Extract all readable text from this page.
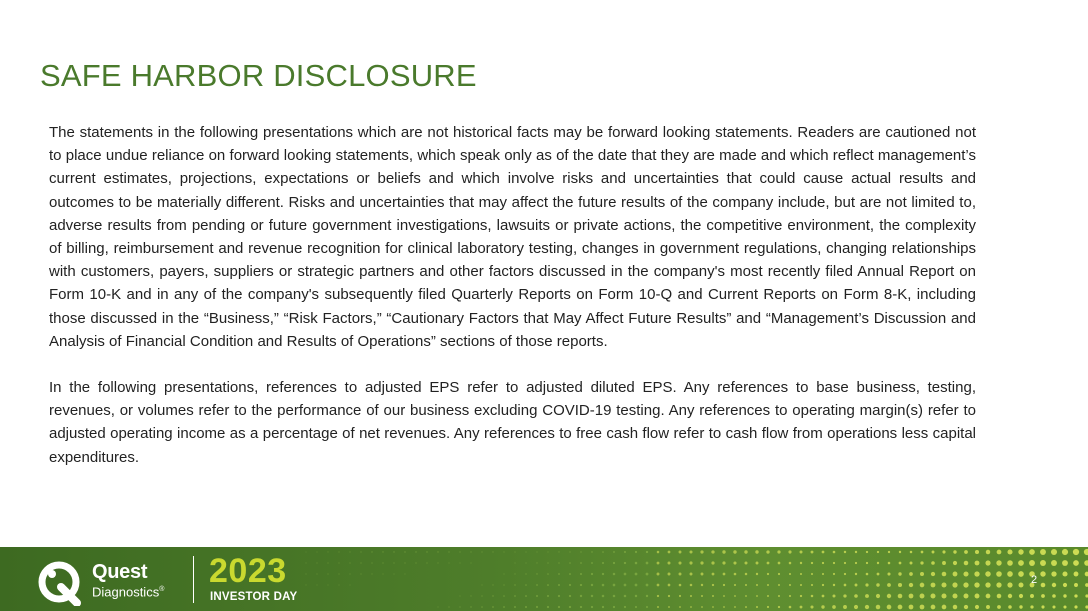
SAFE HARBOR DISCLOSURE

The statements in the following presentations which are not historical facts may be forward looking statements. Readers are cautioned not to place undue reliance on forward looking statements, which speak only as of the date that they are made and which reflect management’s current estimates, projections, expectations or beliefs and which involve risks and uncertainties that could cause actual results and outcomes to be materially different. Risks and uncertainties that may affect the future results of the company include, but are not limited to, adverse results from pending or future government investigations, lawsuits or private actions, the competitive environment, the complexity of billing, reimbursement and revenue recognition for clinical laboratory testing, changes in government regulations, changing relationships with customers, payers, suppliers or strategic partners and other factors discussed in the company's most recently filed Annual Report on Form 10-K and in any of the company's subsequently filed Quarterly Reports on Form 10-Q and Current Reports on Form 8-K, including those discussed in the “Business,” “Risk Factors,” “Cautionary Factors that May Affect Future Results” and “Management’s Discussion and Analysis of Financial Condition and Results of Operations” sections of those reports.

In the following presentations, references to adjusted EPS refer to adjusted diluted EPS. Any references to base business, testing, revenues, or volumes refer to the performance of our business excluding COVID-19 testing. Any references to operating margin(s) refer to adjusted operating income as a percentage of net revenues. Any references to free cash flow refer to cash flow from operations less capital expenditures.

Quest
Diagnostics® 2023
INVESTOR DAY
2
